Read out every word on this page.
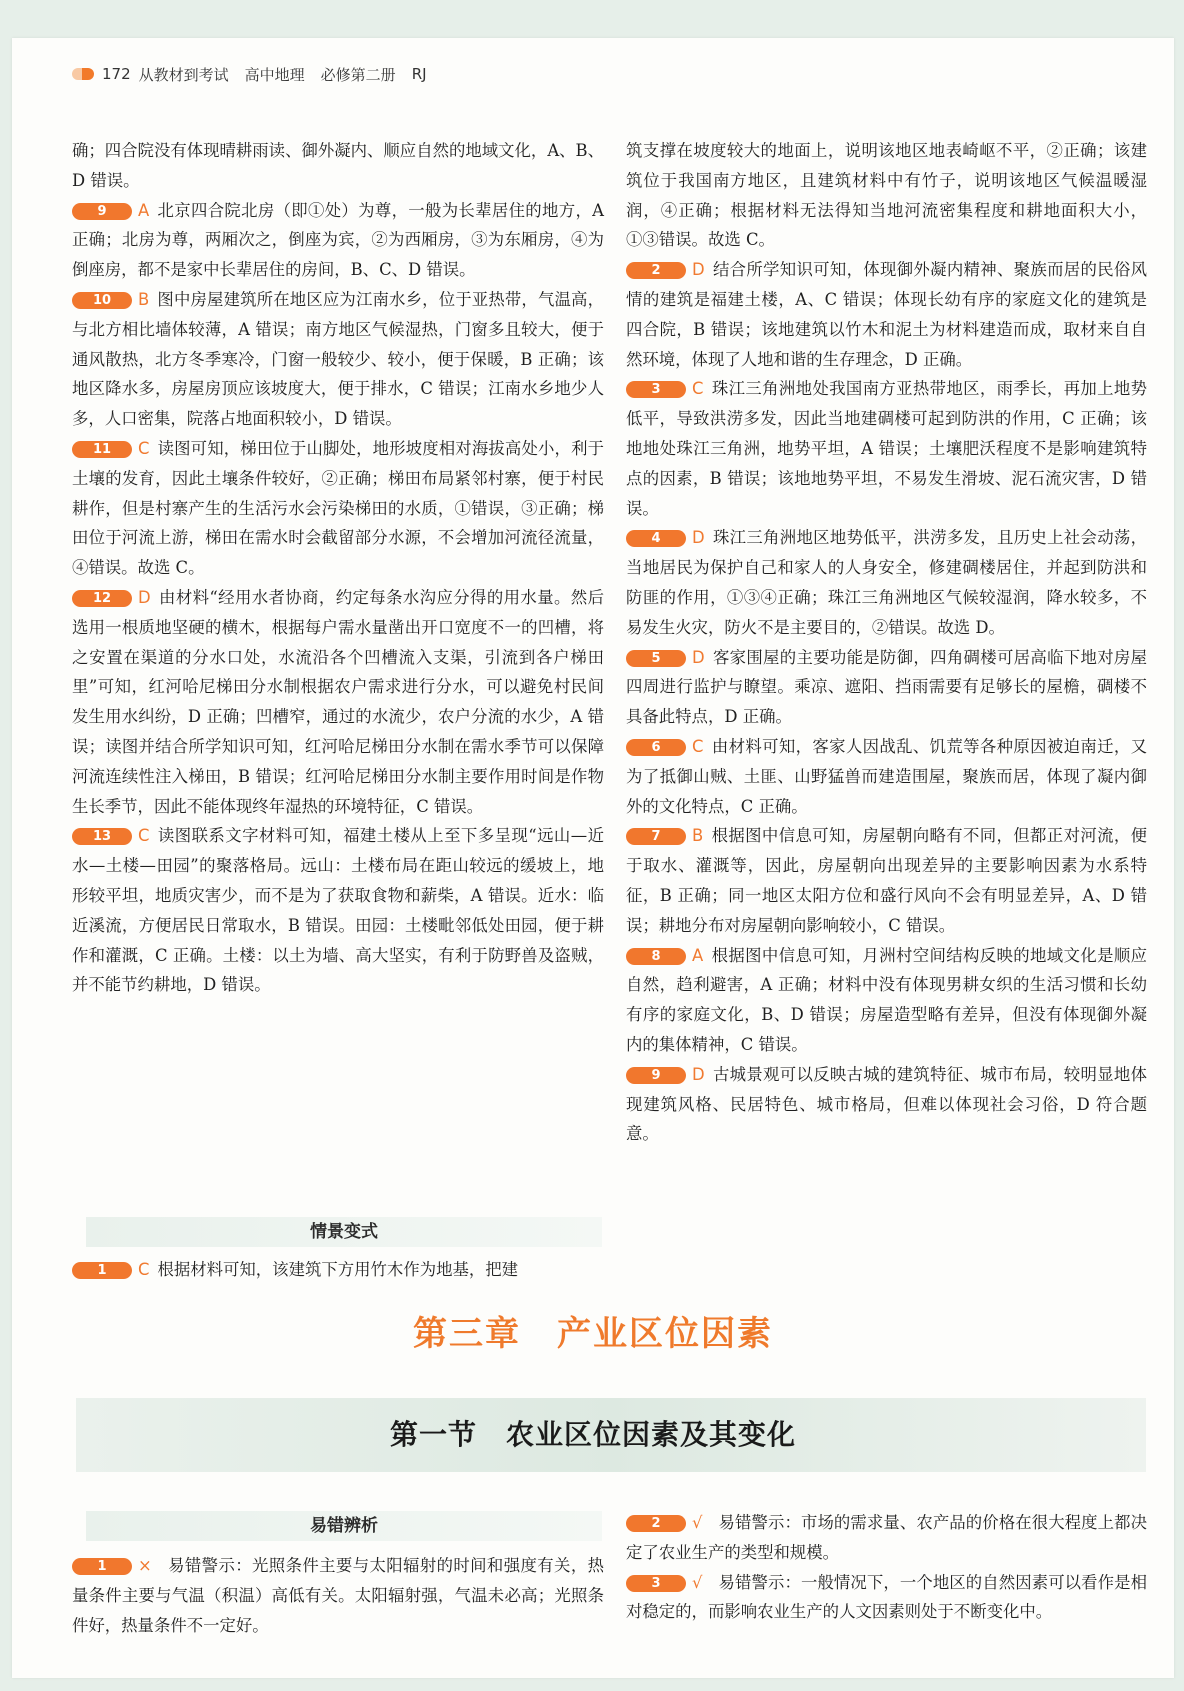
172 从教材到考试 高中地理 必修第二册 RJ

确；四合院没有体现晴耕雨读、御外凝内、顺应自然的地域文化，A、B、D 错误。

9 A 北京四合院北房（即①处）为尊，一般为长辈居住的地方，A 正确；北房为尊，两厢次之，倒座为宾，②为西厢房，③为东厢房，④为倒座房，都不是家中长辈居住的房间，B、C、D 错误。

10 B 图中房屋建筑所在地区应为江南水乡，位于亚热带，气温高，与北方相比墙体较薄，A 错误；南方地区气候湿热，门窗多且较大，便于通风散热，北方冬季寒冷，门窗一般较少、较小，便于保暖，B 正确；该地区降水多，房屋房顶应该坡度大，便于排水，C 错误；江南水乡地少人多，人口密集，院落占地面积较小，D 错误。

11 C 读图可知，梯田位于山脚处，地形坡度相对海拔高处小，利于土壤的发育，因此土壤条件较好，②正确；梯田布局紧邻村寨，便于村民耕作，但是村寨产生的生活污水会污染梯田的水质，①错误，③正确；梯田位于河流上游，梯田在需水时会截留部分水源，不会增加河流径流量，④错误。故选 C。

12 D 由材料“经用水者协商，约定每条水沟应分得的用水量。然后选用一根质地坚硬的横木，根据每户需水量凿出开口宽度不一的凹槽，将之安置在渠道的分水口处，水流沿各个凹槽流入支渠，引流到各户梯田里”可知，红河哈尼梯田分水制根据农户需求进行分水，可以避免村民间发生用水纠纷，D 正确；凹槽窄，通过的水流少，农户分流的水少，A 错误；读图并结合所学知识可知，红河哈尼梯田分水制在需水季节可以保障河流连续性注入梯田，B 错误；红河哈尼梯田分水制主要作用时间是作物生长季节，因此不能体现终年湿热的环境特征，C 错误。

13 C 读图联系文字材料可知，福建土楼从上至下多呈现“远山—近水—土楼—田园”的聚落格局。远山：土楼布局在距山较远的缓坡上，地形较平坦，地质灾害少，而不是为了获取食物和薪柴，A 错误。近水：临近溪流，方便居民日常取水，B 错误。田园：土楼毗邻低处田园，便于耕作和灌溉，C 正确。土楼：以土为墙、高大坚实，有利于防野兽及盗贼，并不能节约耕地，D 错误。

情景变式
1 C 根据材料可知，该建筑下方用竹木作为地基，把建

筑支撑在坡度较大的地面上，说明该地区地表崎岖不平，②正确；该建筑位于我国南方地区，且建筑材料中有竹子，说明该地区气候温暖湿润，④正确；根据材料无法得知当地河流密集程度和耕地面积大小，①③错误。故选 C。

2 D 结合所学知识可知，体现御外凝内精神、聚族而居的民俗风情的建筑是福建土楼，A、C 错误；体现长幼有序的家庭文化的建筑是四合院，B 错误；该地建筑以竹木和泥土为材料建造而成，取材来自自然环境，体现了人地和谐的生存理念，D 正确。

3 C 珠江三角洲地处我国南方亚热带地区，雨季长，再加上地势低平，导致洪涝多发，因此当地建碉楼可起到防洪的作用，C 正确；该地地处珠江三角洲，地势平坦，A 错误；土壤肥沃程度不是影响建筑特点的因素，B 错误；该地地势平坦，不易发生滑坡、泥石流灾害，D 错误。

4 D 珠江三角洲地区地势低平，洪涝多发，且历史上社会动荡，当地居民为保护自己和家人的人身安全，修建碉楼居住，并起到防洪和防匪的作用，①③④正确；珠江三角洲地区气候较湿润，降水较多，不易发生火灾，防火不是主要目的，②错误。故选 D。

5 D 客家围屋的主要功能是防御，四角碉楼可居高临下地对房屋四周进行监护与瞭望。乘凉、遮阳、挡雨需要有足够长的屋檐，碉楼不具备此特点，D 正确。

6 C 由材料可知，客家人因战乱、饥荒等各种原因被迫南迁，又为了抵御山贼、土匪、山野猛兽而建造围屋，聚族而居，体现了凝内御外的文化特点，C 正确。

7 B 根据图中信息可知，房屋朝向略有不同，但都正对河流，便于取水、灌溉等，因此，房屋朝向出现差异的主要影响因素为水系特征，B 正确；同一地区太阳方位和盛行风向不会有明显差异，A、D 错误；耕地分布对房屋朝向影响较小，C 错误。

8 A 根据图中信息可知，月洲村空间结构反映的地域文化是顺应自然，趋利避害，A 正确；材料中没有体现男耕女织的生活习惯和长幼有序的家庭文化，B、D 错误；房屋造型略有差异，但没有体现御外凝内的集体精神，C 错误。

9 D 古城景观可以反映古城的建筑特征、城市布局，较明显地体现建筑风格、民居特色、城市格局，但难以体现社会习俗，D 符合题意。

第三章　产业区位因素
第一节　农业区位因素及其变化
易错辨析

1 × 易错警示：光照条件主要与太阳辐射的时间和强度有关，热量条件主要与气温（积温）高低有关。太阳辐射强，气温未必高；光照条件好，热量条件不一定好。

2 √ 易错警示：市场的需求量、农产品的价格在很大程度上都决定了农业生产的类型和规模。

3 √ 易错警示：一般情况下，一个地区的自然因素可以看作是相对稳定的，而影响农业生产的人文因素则处于不断变化中。
